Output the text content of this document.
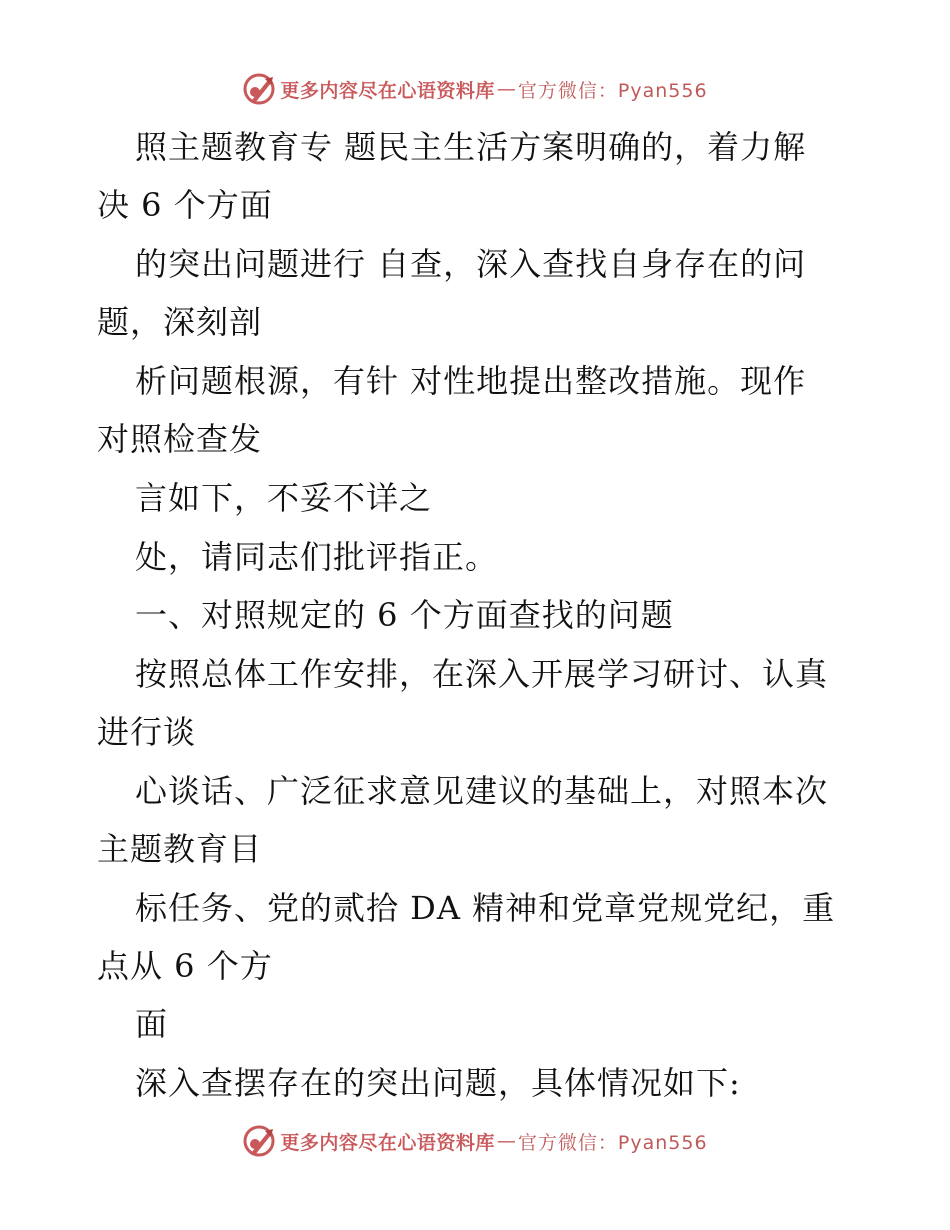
更多内容尽在心语资料库 — 官方微信：Pyan556
照主题教育专 题民主生活方案明确的，着力解
决 6 个方面
的突出问题进行 自查，深入查找自身存在的问
题，深刻剖
析问题根源，有针 对性地提出整改措施。现作
对照检查发
言如下，不妥不详之
处，请同志们批评指正。
一、对照规定的 6 个方面查找的问题
按照总体工作安排，在深入开展学习研讨、认真
进行谈
心谈话、广泛征求意见建议的基础上，对照本次
主题教育目
标任务、党的贰拾 DA 精神和党章党规党纪，重
点从 6 个方
面
深入查摆存在的突出问题，具体情况如下:
更多内容尽在心语资料库 — 官方微信：Pyan556
